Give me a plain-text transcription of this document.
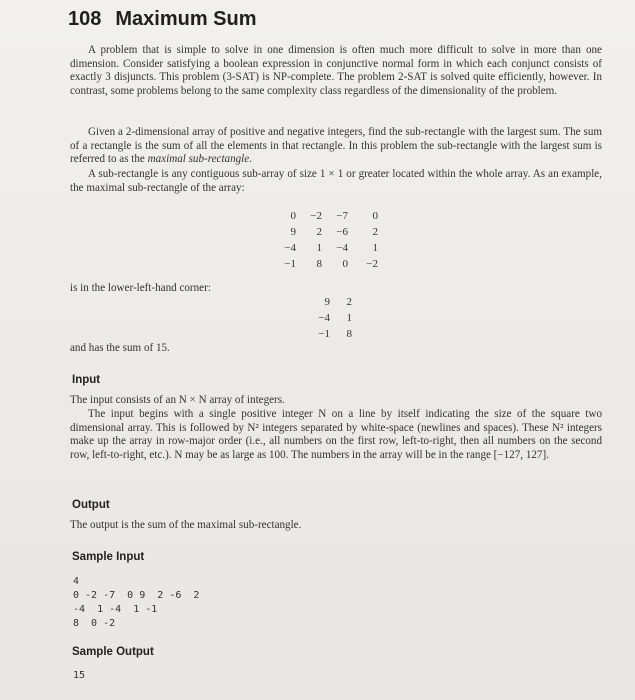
108 Maximum Sum
A problem that is simple to solve in one dimension is often much more difficult to solve in more than one dimension. Consider satisfying a boolean expression in conjunctive normal form in which each conjunct consists of exactly 3 disjuncts. This problem (3-SAT) is NP-complete. The problem 2-SAT is solved quite efficiently, however. In contrast, some problems belong to the same complexity class regardless of the dimensionality of the problem.
Given a 2-dimensional array of positive and negative integers, find the sub-rectangle with the largest sum. The sum of a rectangle is the sum of all the elements in that rectangle. In this problem the sub-rectangle with the largest sum is referred to as the maximal sub-rectangle.
A sub-rectangle is any contiguous sub-array of size 1 × 1 or greater located within the whole array. As an example, the maximal sub-rectangle of the array:
0	−2	−7	0
9	2	−6	2
−4	1	−4	1
−1	8	0	−2
is in the lower-left-hand corner:
9	2
−4	1
−1	8
and has the sum of 15.
Input
The input consists of an N × N array of integers.
The input begins with a single positive integer N on a line by itself indicating the size of the square two dimensional array. This is followed by N² integers separated by white-space (newlines and spaces). These N² integers make up the array in row-major order (i.e., all numbers on the first row, left-to-right, then all numbers on the second row, left-to-right, etc.). N may be as large as 100. The numbers in the array will be in the range [−127, 127].
Output
The output is the sum of the maximal sub-rectangle.
Sample Input
4
0 -2 -7  0 9  2 -6  2
-4  1 -4  1 -1
8  0 -2
Sample Output
15
